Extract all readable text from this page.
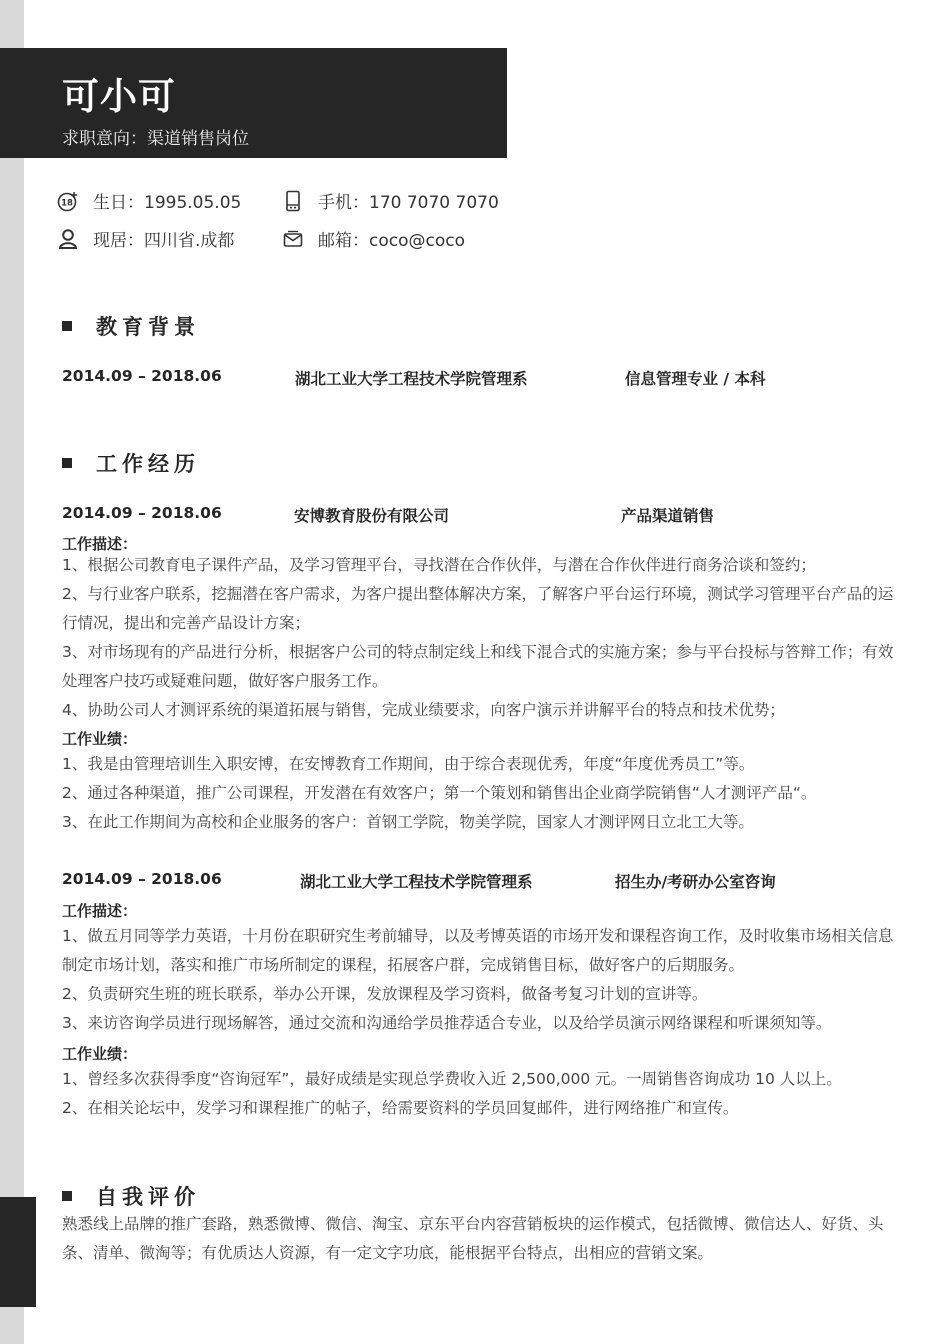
可小可
求职意向：渠道销售岗位
18 生日：1995.05.05	手机：170 7070 7070
现居：四川省.成都	邮箱：coco@coco
教育背景
2014.09 – 2018.06	湖北工业大学工程技术学院管理系	信息管理专业 / 本科
工作经历
2014.09 – 2018.06	安博教育股份有限公司	产品渠道销售
工作描述：
1、根据公司教育电子课件产品，及学习管理平台，寻找潜在合作伙伴，与潜在合作伙伴进行商务洽谈和签约；
2、与行业客户联系，挖掘潜在客户需求，为客户提出整体解决方案，了解客户平台运行环境，测试学习管理平台产品的运行情况，提出和完善产品设计方案；
3、对市场现有的产品进行分析，根据客户公司的特点制定线上和线下混合式的实施方案；参与平台投标与答辩工作；有效处理客户技巧或疑难问题，做好客户服务工作。
4、协助公司人才测评系统的渠道拓展与销售，完成业绩要求，向客户演示并讲解平台的特点和技术优势；
工作业绩：
1、我是由管理培训生入职安博，在安博教育工作期间，由于综合表现优秀，年度“年度优秀员工”等。
2、通过各种渠道，推广公司课程，开发潜在有效客户；第一个策划和销售出企业商学院销售“人才测评产品“。
3、在此工作期间为高校和企业服务的客户：首钢工学院，物美学院，国家人才测评网日立北工大等。
2014.09 – 2018.06	湖北工业大学工程技术学院管理系	招生办/考研办公室咨询
工作描述：
1、做五月同等学力英语，十月份在职研究生考前辅导，以及考博英语的市场开发和课程咨询工作，及时收集市场相关信息制定市场计划，落实和推广市场所制定的课程，拓展客户群，完成销售目标，做好客户的后期服务。
2、负责研究生班的班长联系，举办公开课，发放课程及学习资料，做备考复习计划的宣讲等。
3、来访咨询学员进行现场解答，通过交流和沟通给学员推荐适合专业，以及给学员演示网络课程和听课须知等。
工作业绩：
1、曾经多次获得季度“咨询冠军”，最好成绩是实现总学费收入近 2,500,000 元。一周销售咨询成功 10 人以上。
2、在相关论坛中，发学习和课程推广的帖子，给需要资料的学员回复邮件，进行网络推广和宣传。
自我评价
熟悉线上品牌的推广套路，熟悉微博、微信、淘宝、京东平台内容营销板块的运作模式，包括微博、微信达人、好货、头条、清单、微淘等；有优质达人资源，有一定文字功底，能根据平台特点，出相应的营销文案。
